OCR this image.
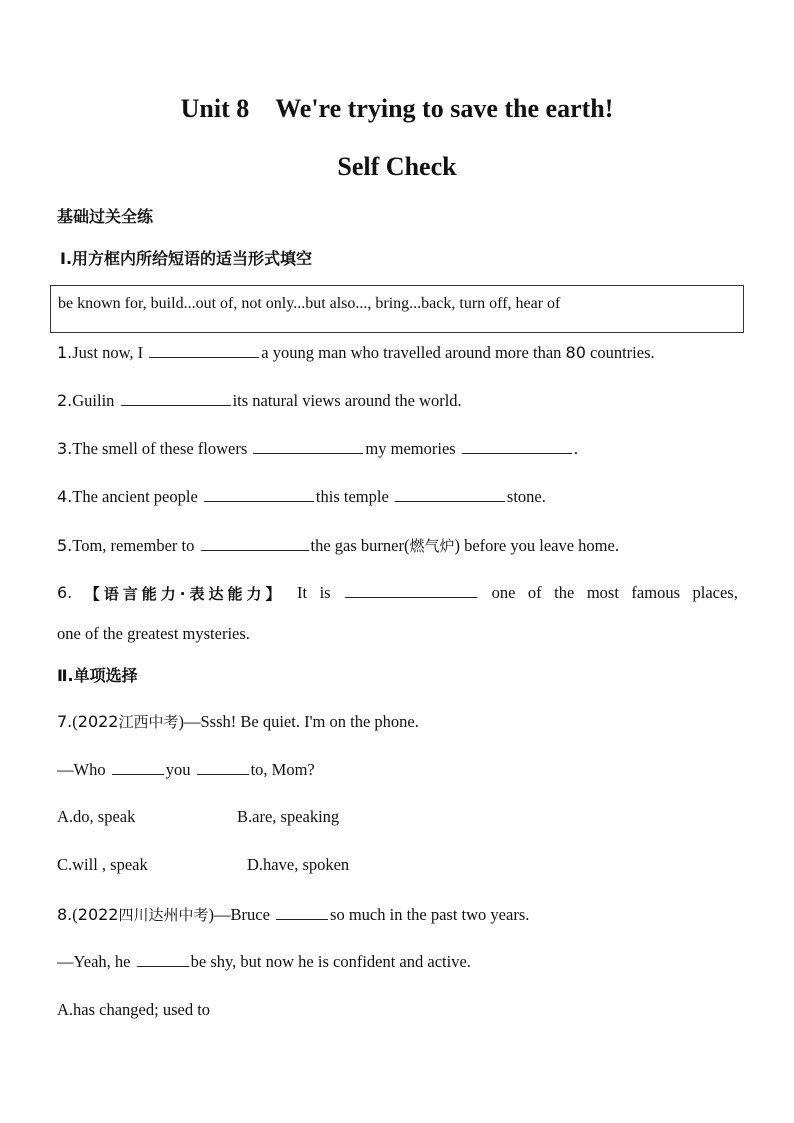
Unit 8    We're trying to save the earth!
Self Check
基础过关全练
Ⅰ.用方框内所给短语的适当形式填空
be known for, build...out of, not only...but also..., bring...back, turn off, hear of
1.Just now, I	a young man who travelled around more than 80 countries.
2.Guilin	its natural views around the world.
3.The smell of these flowers	my memories	.
4.The ancient people	this temple	stone.
5.Tom, remember to	the gas burner(燃气炉) before you leave home.
6. 【语言能力·表达能力】 It is	one of the most famous places,
one of the greatest mysteries.
Ⅱ.单项选择
7.(2022江西中考)—Sssh! Be quiet. I'm on the phone.
—Who	you	to, Mom?
A.do, speak	B.are, speaking
C.will , speak	D.have, spoken
8.(2022四川达州中考)—Bruce	so much in the past two years.
—Yeah, he	be shy, but now he is confident and active.
A.has changed; used to
